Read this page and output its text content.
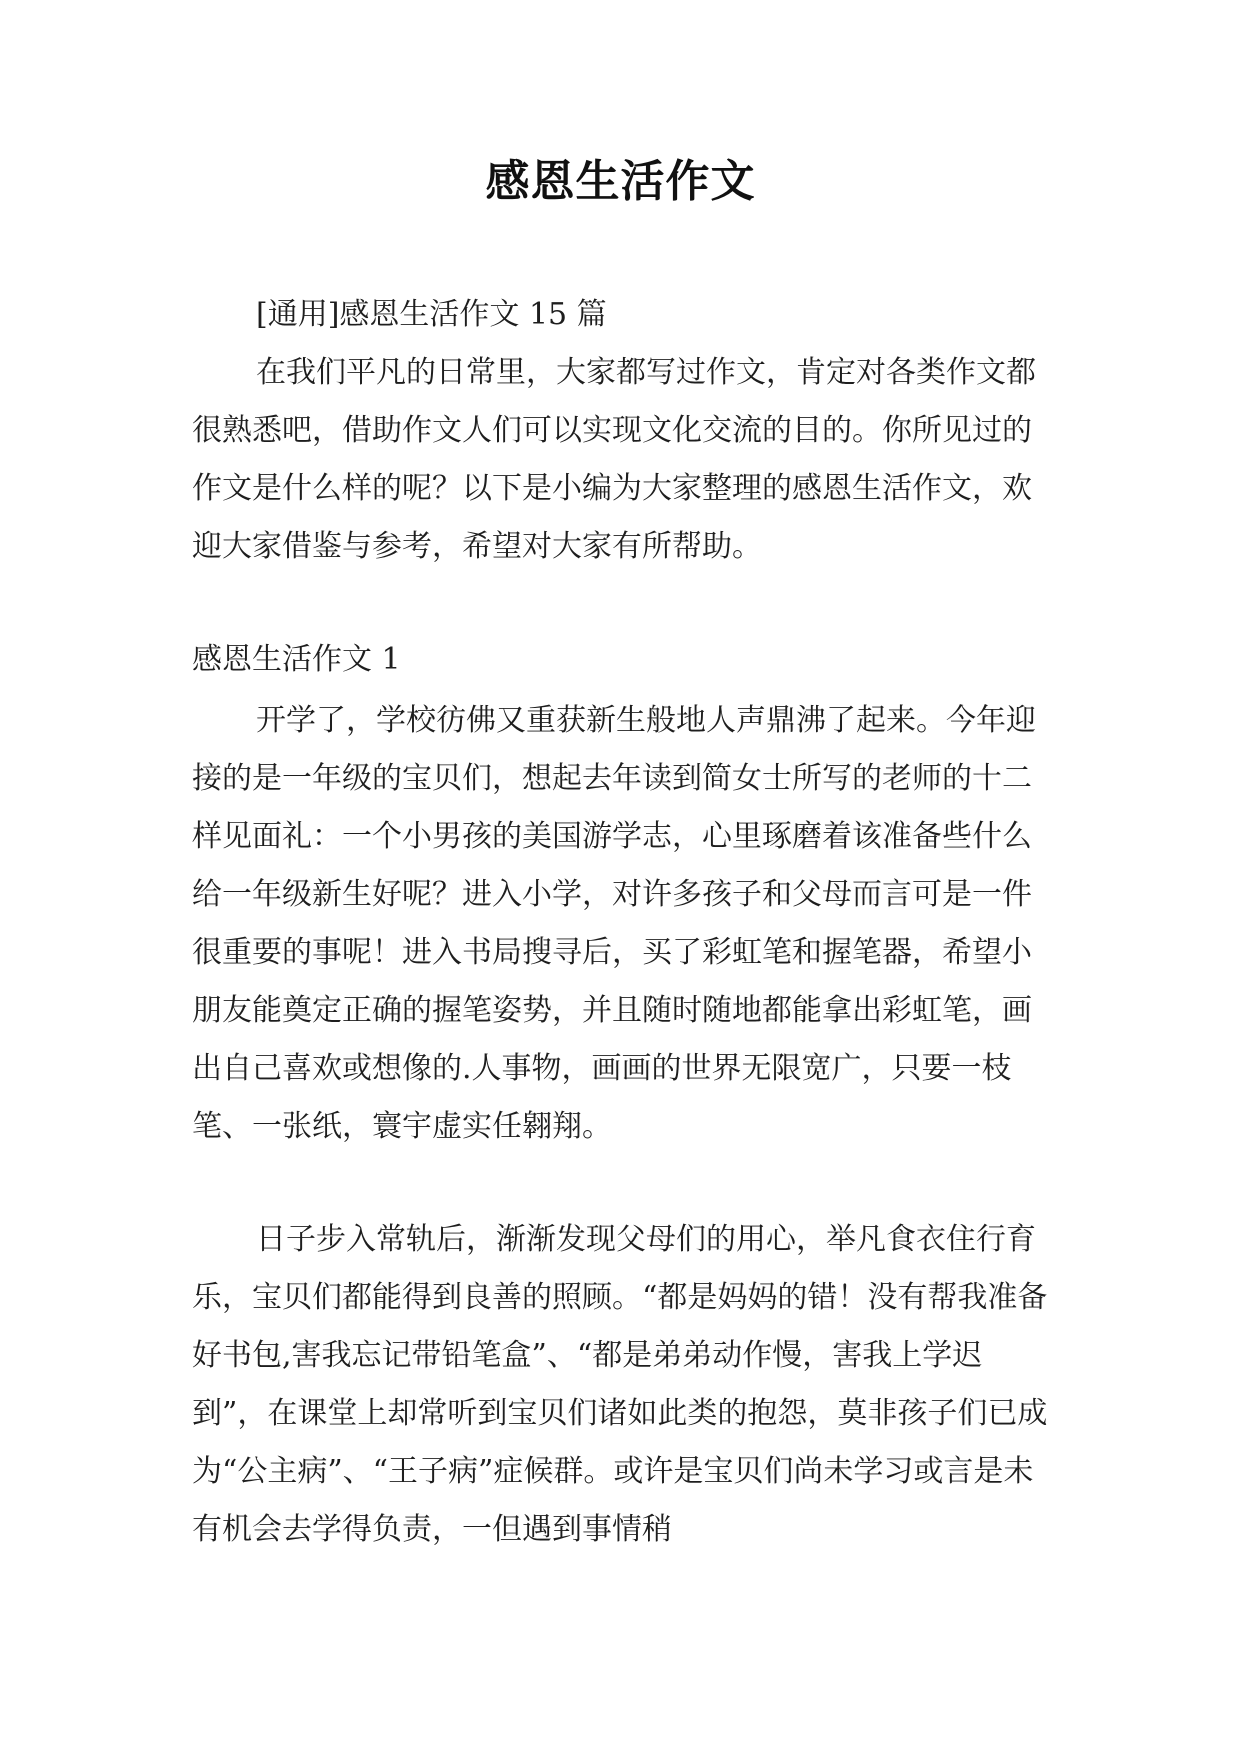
感恩生活作文
[通用]感恩生活作文 15 篇
在我们平凡的日常里，大家都写过作文，肯定对各类作文都很熟悉吧，借助作文人们可以实现文化交流的目的。你所见过的作文是什么样的呢？以下是小编为大家整理的感恩生活作文，欢迎大家借鉴与参考，希望对大家有所帮助。
感恩生活作文 1
开学了，学校彷佛又重获新生般地人声鼎沸了起来。今年迎接的是一年级的宝贝们，想起去年读到简女士所写的老师的十二样见面礼：一个小男孩的美国游学志，心里琢磨着该准备些什么给一年级新生好呢？进入小学，对许多孩子和父母而言可是一件很重要的事呢！进入书局搜寻后，买了彩虹笔和握笔器，希望小朋友能奠定正确的握笔姿势，并且随时随地都能拿出彩虹笔，画出自己喜欢或想像的.人事物，画画的世界无限宽广，只要一枝笔、一张纸，寰宇虚实任翱翔。
日子步入常轨后，渐渐发现父母们的用心，举凡食衣住行育乐，宝贝们都能得到良善的照顾。“都是妈妈的错！没有帮我准备好书包,害我忘记带铅笔盒”、“都是弟弟动作慢，害我上学迟到”，在课堂上却常听到宝贝们诸如此类的抱怨，莫非孩子们已成为“公主病”、“王子病”症候群。或许是宝贝们尚未学习或言是未有机会去学得负责，一但遇到事情稍
